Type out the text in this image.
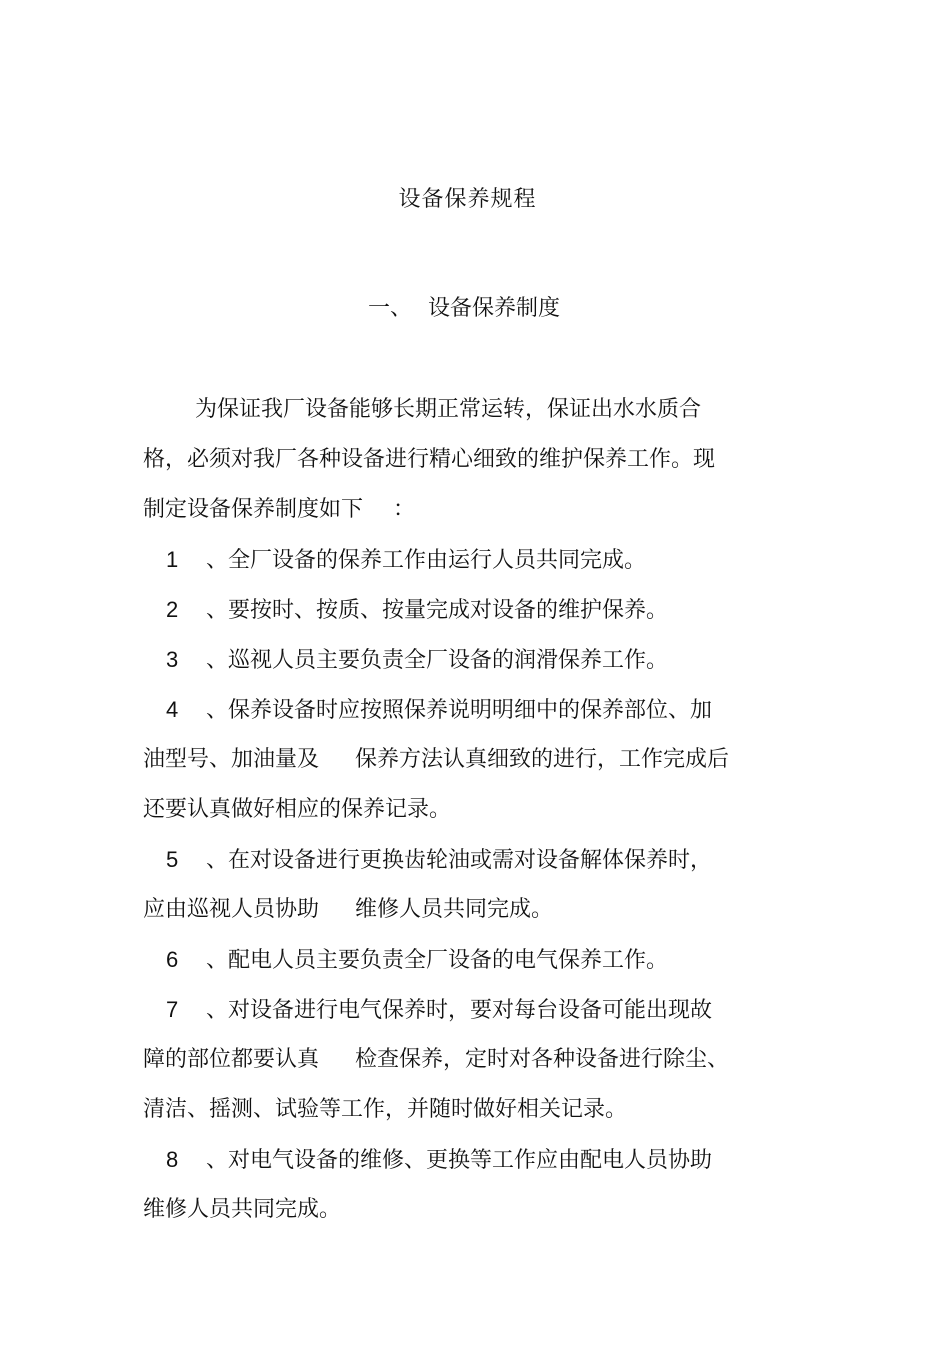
设备保养规程
一、 设备保养制度
为保证我厂设备能够长期正常运转，保证出水水质合
格，必须对我厂各种设备进行精心细致的维护保养工作。现
制定设备保养制度如下 ：
1 、全厂设备的保养工作由运行人员共同完成。
2 、要按时、按质、按量完成对设备的维护保养。
3 、巡视人员主要负责全厂设备的润滑保养工作。
4 、保养设备时应按照保养说明明细中的保养部位、加
油型号、加油量及 保养方法认真细致的进行，工作完成后
还要认真做好相应的保养记录。
5 、在对设备进行更换齿轮油或需对设备解体保养时，
应由巡视人员协助 维修人员共同完成。
6 、配电人员主要负责全厂设备的电气保养工作。
7 、对设备进行电气保养时，要对每台设备可能出现故
障的部位都要认真 检查保养，定时对各种设备进行除尘、
清洁、摇测、试验等工作，并随时做好相关记录。
8 、对电气设备的维修、更换等工作应由配电人员协助
维修人员共同完成。
